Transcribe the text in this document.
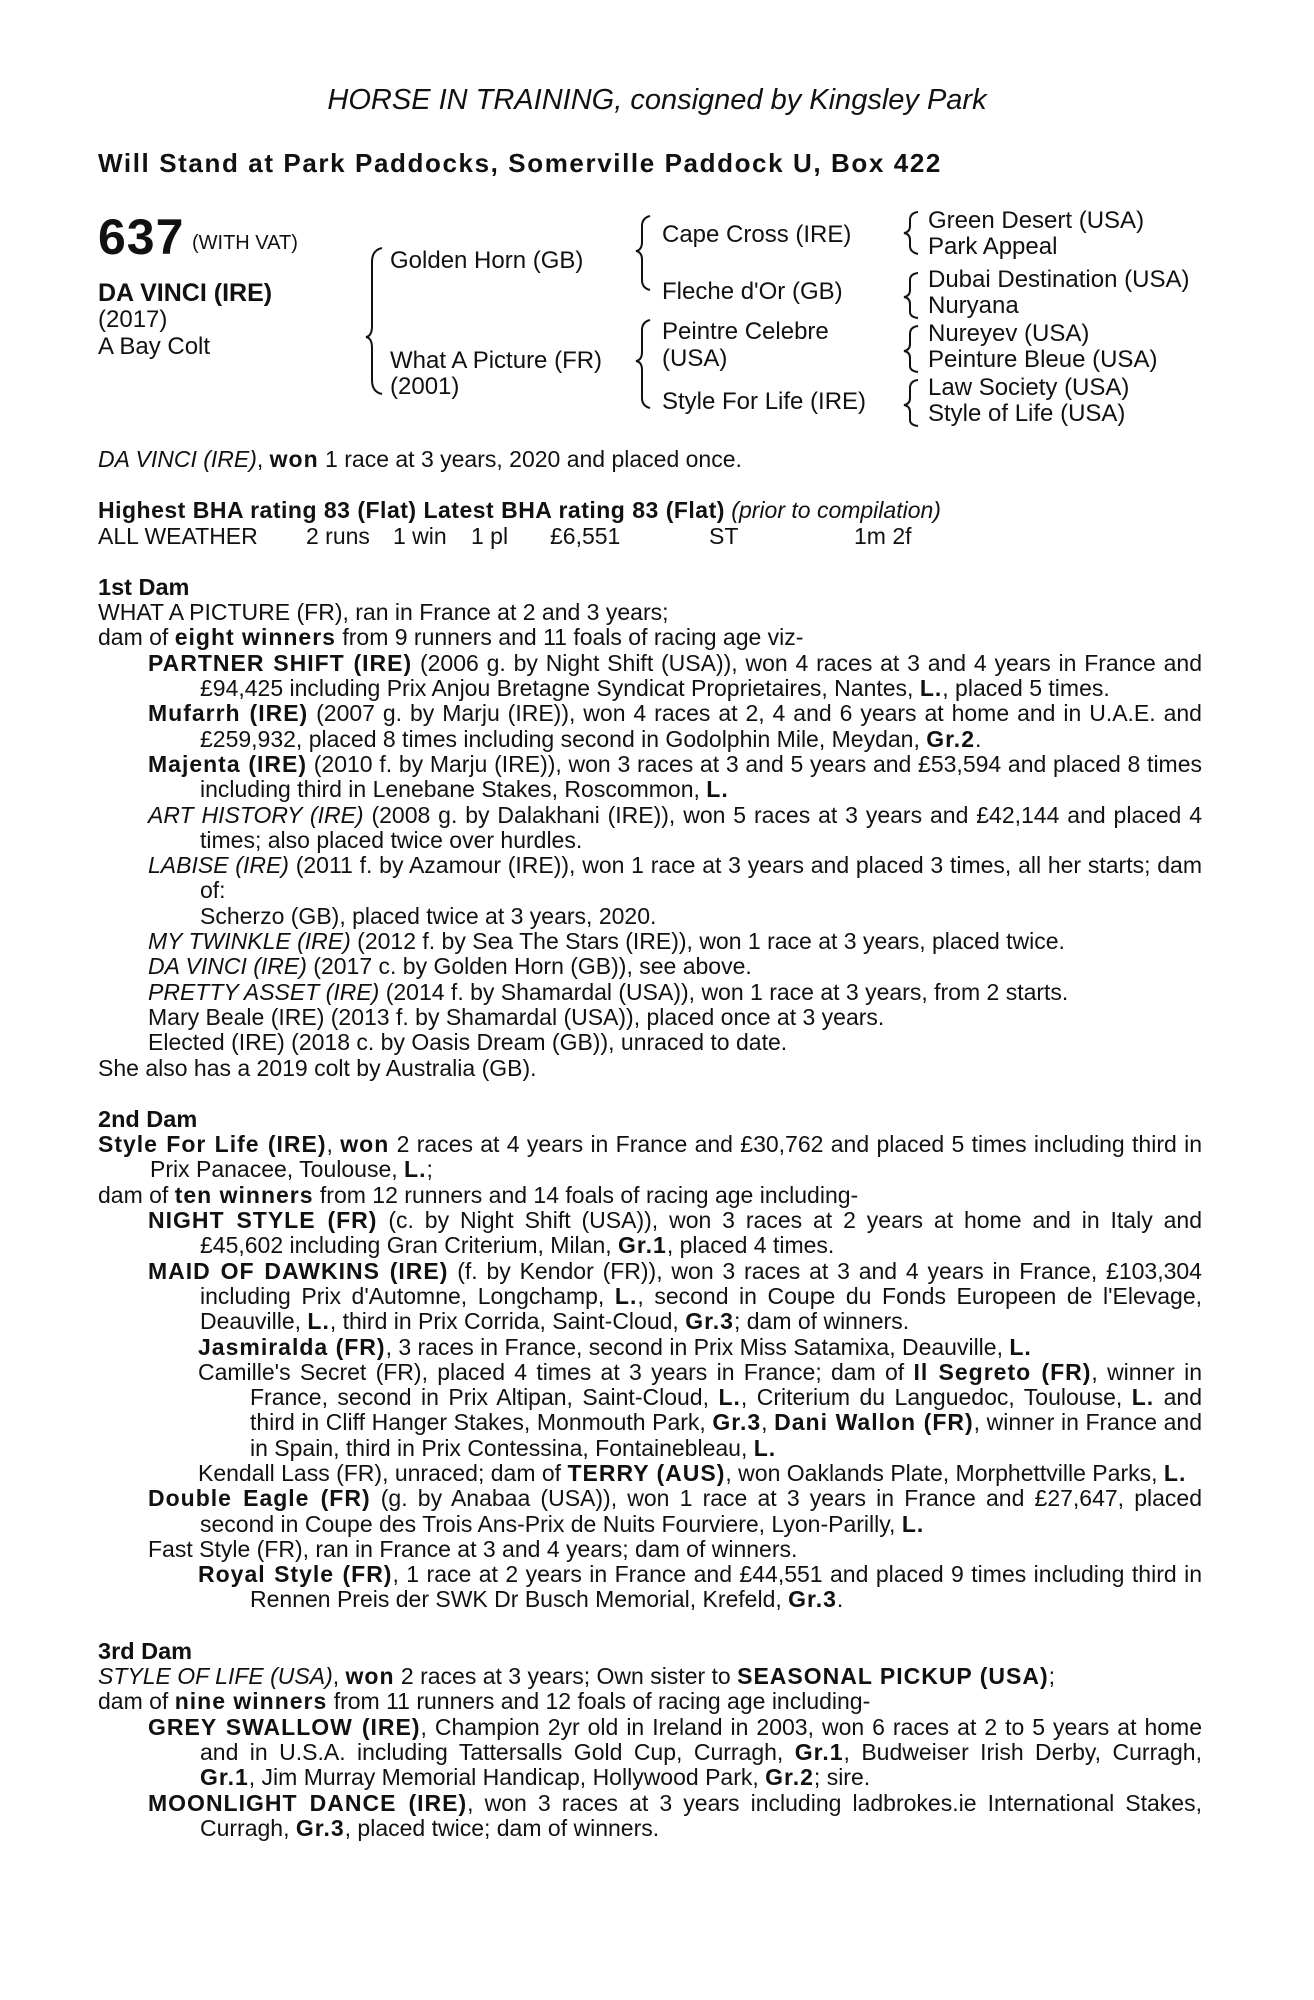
HORSE IN TRAINING, consigned by Kingsley Park
Will Stand at Park Paddocks, Somerville Paddock U, Box 422
637 (WITH VAT)
DA VINCI (IRE)
(2017)
A Bay Colt
Golden Horn (GB)
What A Picture (FR)
(2001)
Cape Cross (IRE)
Fleche d'Or (GB)
Peintre Celebre
(USA)
Style For Life (IRE)
Green Desert (USA)
Park Appeal
Dubai Destination (USA)
Nuryana
Nureyev (USA)
Peinture Bleue (USA)
Law Society (USA)
Style of Life (USA)

DA VINCI (IRE), won 1 race at 3 years, 2020 and placed once.

Highest BHA rating 83 (Flat) Latest BHA rating 83 (Flat) (prior to compilation)

ALL WEATHER 2 runs 1 win 1 pl £6,551	ST	1m 2f

1st Dam

WHAT A PICTURE (FR), ran in France at 2 and 3 years;

dam of eight winners from 9 runners and 11 foals of racing age viz-

PARTNER SHIFT (IRE) (2006 g. by Night Shift (USA)), won 4 races at 3 and 4 years in France and £94,425 including Prix Anjou Bretagne Syndicat Proprietaires, Nantes, L., placed 5 times.

Mufarrh (IRE) (2007 g. by Marju (IRE)), won 4 races at 2, 4 and 6 years at home and in U.A.E. and £259,932, placed 8 times including second in Godolphin Mile, Meydan, Gr.2.

Majenta (IRE) (2010 f. by Marju (IRE)), won 3 races at 3 and 5 years and £53,594 and placed 8 times including third in Lenebane Stakes, Roscommon, L.

ART HISTORY (IRE) (2008 g. by Dalakhani (IRE)), won 5 races at 3 years and £42,144 and placed 4 times; also placed twice over hurdles.

LABISE (IRE) (2011 f. by Azamour (IRE)), won 1 race at 3 years and placed 3 times, all her starts; dam of:

Scherzo (GB), placed twice at 3 years, 2020.

MY TWINKLE (IRE) (2012 f. by Sea The Stars (IRE)), won 1 race at 3 years, placed twice.

DA VINCI (IRE) (2017 c. by Golden Horn (GB)), see above.

PRETTY ASSET (IRE) (2014 f. by Shamardal (USA)), won 1 race at 3 years, from 2 starts.

Mary Beale (IRE) (2013 f. by Shamardal (USA)), placed once at 3 years.

Elected (IRE) (2018 c. by Oasis Dream (GB)), unraced to date.

She also has a 2019 colt by Australia (GB).

2nd Dam

Style For Life (IRE), won 2 races at 4 years in France and £30,762 and placed 5 times including third in Prix Panacee, Toulouse, L.;

dam of ten winners from 12 runners and 14 foals of racing age including-

NIGHT STYLE (FR) (c. by Night Shift (USA)), won 3 races at 2 years at home and in Italy and £45,602 including Gran Criterium, Milan, Gr.1, placed 4 times.

MAID OF DAWKINS (IRE) (f. by Kendor (FR)), won 3 races at 3 and 4 years in France, £103,304 including Prix d'Automne, Longchamp, L., second in Coupe du Fonds Europeen de l'Elevage, Deauville, L., third in Prix Corrida, Saint-Cloud, Gr.3; dam of winners.

Jasmiralda (FR), 3 races in France, second in Prix Miss Satamixa, Deauville, L.

Camille's Secret (FR), placed 4 times at 3 years in France; dam of Il Segreto (FR), winner in France, second in Prix Altipan, Saint-Cloud, L., Criterium du Languedoc, Toulouse, L. and third in Cliff Hanger Stakes, Monmouth Park, Gr.3, Dani Wallon (FR), winner in France and in Spain, third in Prix Contessina, Fontainebleau, L.

Kendall Lass (FR), unraced; dam of TERRY (AUS), won Oaklands Plate, Morphettville Parks, L.

Double Eagle (FR) (g. by Anabaa (USA)), won 1 race at 3 years in France and £27,647, placed second in Coupe des Trois Ans-Prix de Nuits Fourviere, Lyon-Parilly, L.

Fast Style (FR), ran in France at 3 and 4 years; dam of winners.

Royal Style (FR), 1 race at 2 years in France and £44,551 and placed 9 times including third in Rennen Preis der SWK Dr Busch Memorial, Krefeld, Gr.3.

3rd Dam

STYLE OF LIFE (USA), won 2 races at 3 years; Own sister to SEASONAL PICKUP (USA);

dam of nine winners from 11 runners and 12 foals of racing age including-

GREY SWALLOW (IRE), Champion 2yr old in Ireland in 2003, won 6 races at 2 to 5 years at home and in U.S.A. including Tattersalls Gold Cup, Curragh, Gr.1, Budweiser Irish Derby, Curragh, Gr.1, Jim Murray Memorial Handicap, Hollywood Park, Gr.2; sire.

MOONLIGHT DANCE (IRE), won 3 races at 3 years including ladbrokes.ie International Stakes, Curragh, Gr.3, placed twice; dam of winners.
